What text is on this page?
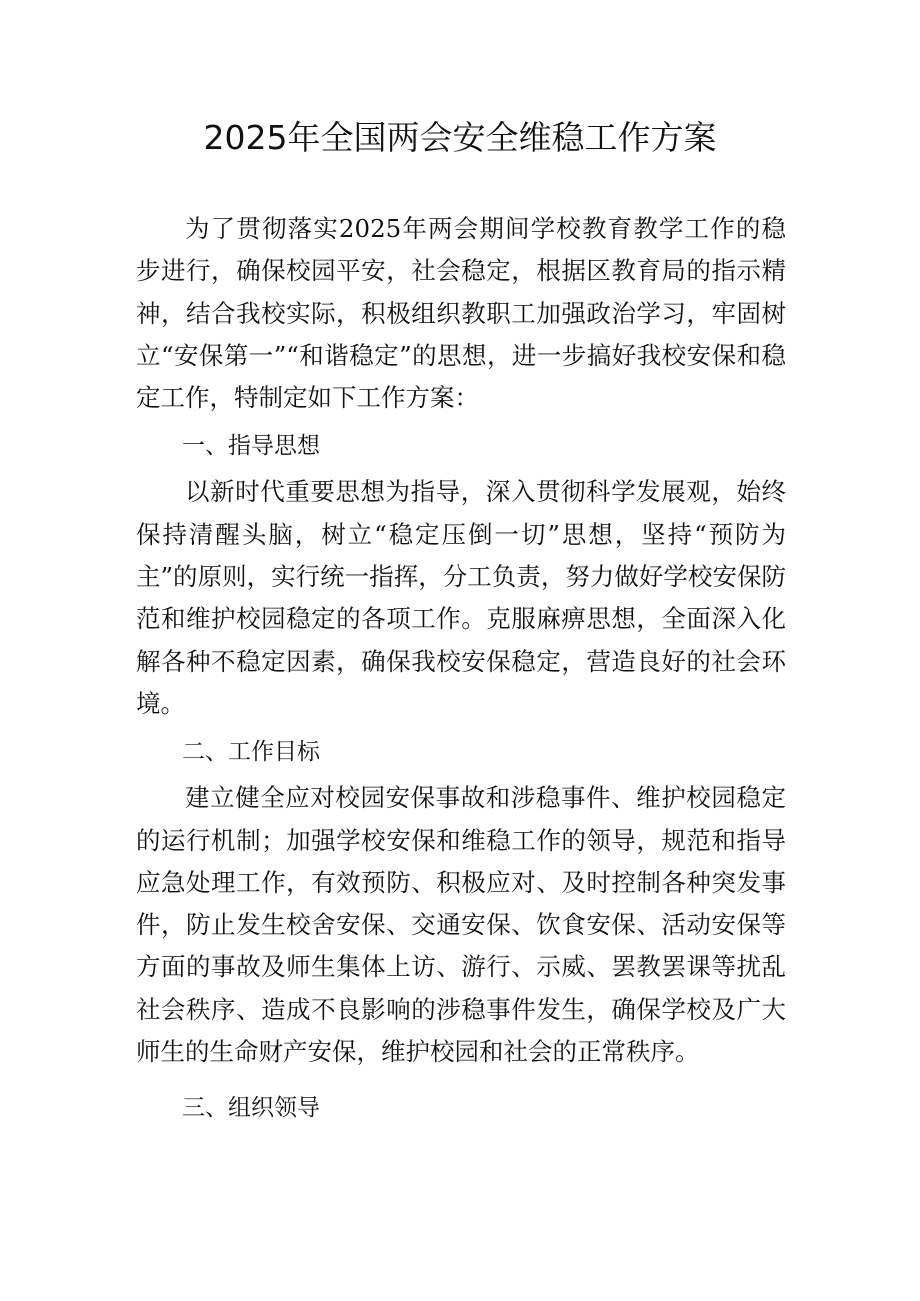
2025年全国两会安全维稳工作方案

为了贯彻落实2025年两会期间学校教育教学工作的稳步进行，确保校园平安，社会稳定，根据区教育局的指示精神，结合我校实际，积极组织教职工加强政治学习，牢固树立“安保第一”“和谐稳定”的思想，进一步搞好我校安保和稳定工作，特制定如下工作方案：

一、指导思想

以新时代重要思想为指导，深入贯彻科学发展观，始终保持清醒头脑，树立“稳定压倒一切”思想，坚持“预防为主”的原则，实行统一指挥，分工负责，努力做好学校安保防范和维护校园稳定的各项工作。克服麻痹思想，全面深入化解各种不稳定因素，确保我校安保稳定，营造良好的社会环境。

二、工作目标

建立健全应对校园安保事故和涉稳事件、维护校园稳定的运行机制；加强学校安保和维稳工作的领导，规范和指导应急处理工作，有效预防、积极应对、及时控制各种突发事件，防止发生校舍安保、交通安保、饮食安保、活动安保等方面的事故及师生集体上访、游行、示威、罢教罢课等扰乱社会秩序、造成不良影响的涉稳事件发生，确保学校及广大师生的生命财产安保，维护校园和社会的正常秩序。

三、组织领导
